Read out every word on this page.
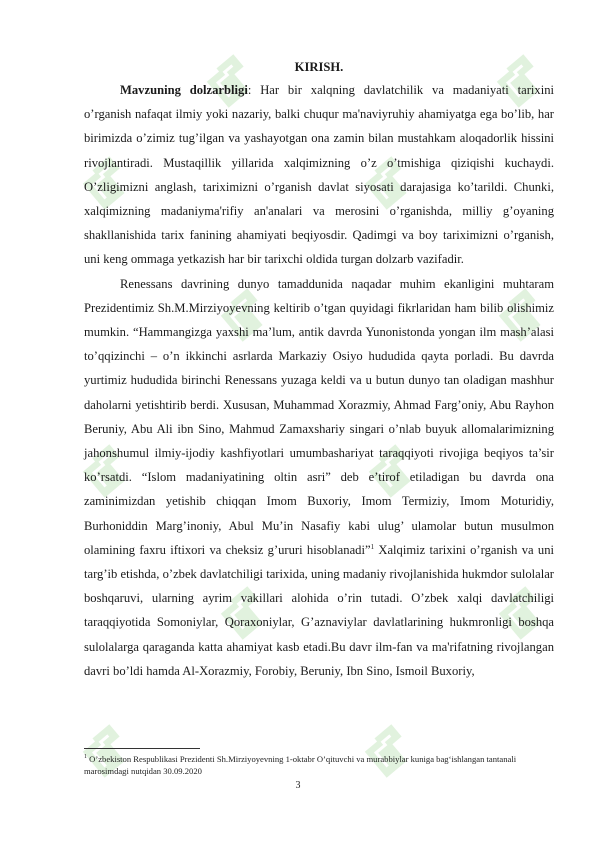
KIRISH.

Mavzuning dolzarbligi: Har bir xalqning davlatchilik va madaniyati tarixini o’rganish nafaqat ilmiy yoki nazariy, balki chuqur ma'naviyruhiy ahamiyatga ega bo’lib, har birimizda o’zimiz tug’ilgan va yashayotgan ona zamin bilan mustahkam aloqadorlik hissini rivojlantiradi. Mustaqillik yillarida xalqimizning o’z o’tmishiga qiziqishi kuchaydi. O’zligimizni anglash, tariximizni o’rganish davlat siyosati darajasiga ko’tarildi. Chunki, xalqimizning madaniyma'rifiy an'analari va merosini o’rganishda, milliy g’oyaning shakllanishida tarix fanining ahamiyati beqiyosdir. Qadimgi va boy tariximizni o’rganish, uni keng ommaga yetkazish har bir tarixchi oldida turgan dolzarb vazifadir.

Renessans davrining dunyo tamaddunida naqadar muhim ekanligini muhtaram Prezidentimiz Sh.M.Mirziyoyevning keltirib o’tgan quyidagi fikrlaridan ham bilib olishimiz mumkin. “Hammangizga yaxshi ma’lum, antik davrda Yunonistonda yongan ilm mash’alasi to’qqizinchi – o’n ikkinchi asrlarda Markaziy Osiyo hududida qayta porladi. Bu davrda yurtimiz hududida birinchi Renessans yuzaga keldi va u butun dunyo tan oladigan mashhur daholarni yetishtirib berdi. Xususan, Muhammad Xorazmiy, Ahmad Farg’oniy, Abu Rayhon Beruniy, Abu Ali ibn Sino, Mahmud Zamaxshariy singari o’nlab buyuk allomalarimizning jahonshumul ilmiy-ijodiy kashfiyotlari umumbashariyat taraqqiyoti rivojiga beqiyos ta’sir ko’rsatdi. “Islom madaniyatining oltin asri” deb e’tirof etiladigan bu davrda ona zaminimizdan yetishib chiqqan Imom Buxoriy, Imom Termiziy, Imom Moturidiy, Burhoniddin Marg’inoniy, Abul Mu’in Nasafiy kabi ulug’ ulamolar butun musulmon olamining faxru iftixori va cheksiz g’ururi hisoblanadi”$^1$ Xalqimiz tarixini o’rganish va uni targ’ib etishda, o’zbek davlatchiligi tarixida, uning madaniy rivojlanishida hukmdor sulolalar boshqaruvi, ularning ayrim vakillari alohida o’rin tutadi. O’zbek xalqi davlatchiligi taraqqiyotida Somoniylar, Qoraxoniylar, G’aznaviylar davlatlarining hukmronligi boshqa sulolalarga qaraganda katta ahamiyat kasb etadi.Bu davr ilm-fan va ma'rifatning rivojlangan davri bo’ldi hamda Al-Xorazmiy, Forobiy, Beruniy, Ibn Sino, Ismoil Buxoriy,

$^1$ O’zbekiston Respublikasi Prezidenti Sh.Mirziyoyevning 1-oktabr O’qituvchi va murabbiylar kuniga bag‘ishlangan tantanali marosimdagi nutqidan 30.09.2020
3
